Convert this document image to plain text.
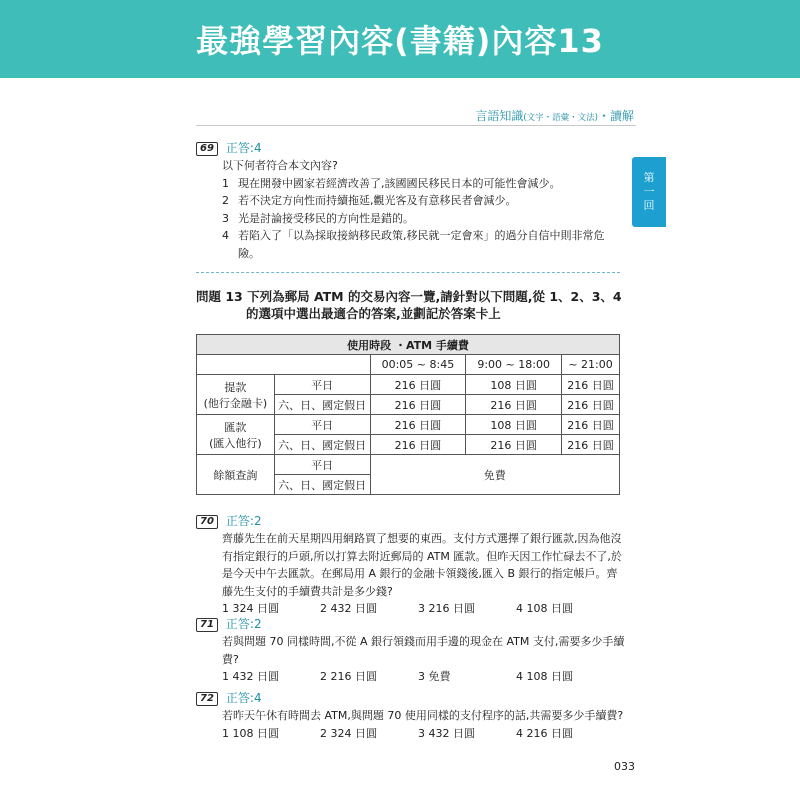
最強學習內容(書籍)內容13
言語知識(文字・語彙・文法)・讀解
第
一
回
69	正答:4
以下何者符合本文內容?
1 現在開發中國家若經濟改善了,該國國民移民日本的可能性會減少。
2 若不決定方向性而持續拖延,觀光客及有意移民者會減少。
3 光是討論接受移民的方向性是錯的。
4 若陷入了「以為採取接納移民政策,移民就一定會來」的過分自信中則非常危險。
問題 13 下列為郵局 ATM 的交易內容一覽,請針對以下問題,從 1、2、3、4
的選項中選出最適合的答案,並劃記於答案卡上
使用時段 ・ATM 手續費				
		00:05 ~ 8:45	9:00 ~ 18:00	~ 21:00

提款
(他行金融卡)	平日	216 日圓	108 日圓	216 日圓
	六、日、國定假日	216 日圓	216 日圓	216 日圓

匯款
(匯入他行)	平日	216 日圓	108 日圓	216 日圓
	六、日、國定假日	216 日圓	216 日圓	216 日圓
餘額查詢	平日	免費		
	六、日、國定假日			
70	正答:2
齊藤先生在前天星期四用網路買了想要的東西。支付方式選擇了銀行匯款,因為他沒有指定銀行的戶頭,所以打算去附近郵局的 ATM 匯款。但昨天因工作忙碌去不了,於是今天中午去匯款。在郵局用 A 銀行的金融卡領錢後,匯入 B 銀行的指定帳戶。齊藤先生支付的手續費共計是多少錢?
1 324 日圓	2 432 日圓	3 216 日圓	4 108 日圓
71	正答:2
若與問題 70 同樣時間,不從 A 銀行領錢而用手邊的現金在 ATM 支付,需要多少手續費?
1 432 日圓	2 216 日圓	3 免費	4 108 日圓
72	正答:4
若昨天午休有時間去 ATM,與問題 70 使用同樣的支付程序的話,共需要多少手續費?
1 108 日圓	2 324 日圓	3 432 日圓	4 216 日圓
033
